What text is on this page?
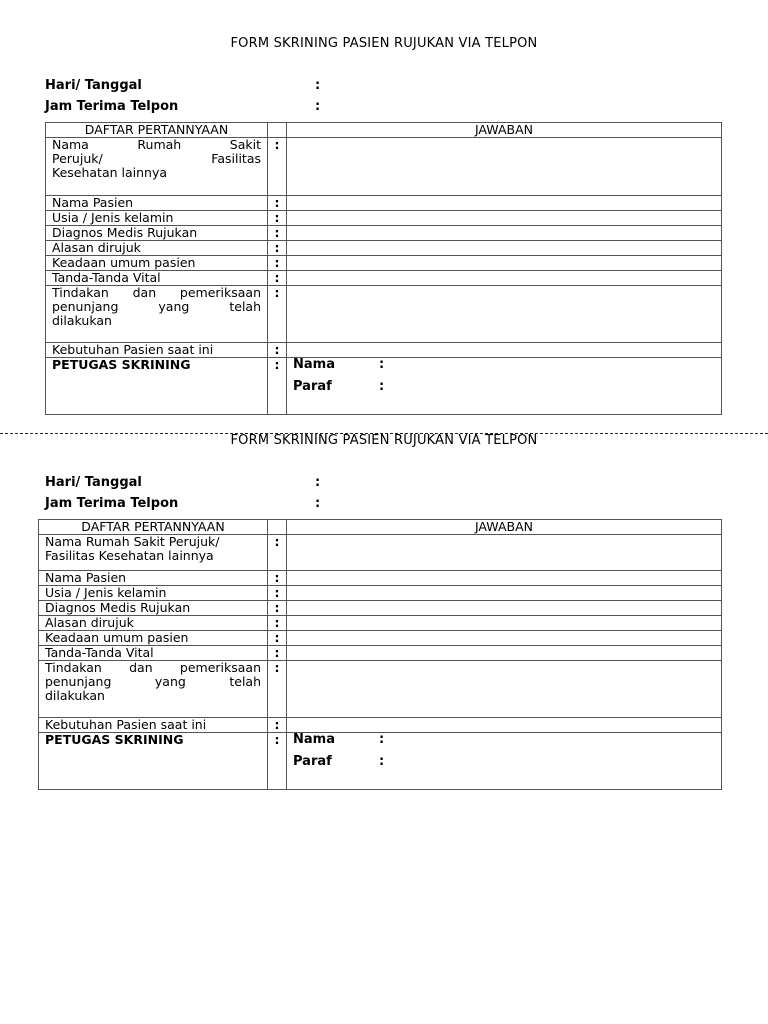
FORM SKRINING PASIEN RUJUKAN VIA TELPON
Hari/ Tanggal	:
Jam Terima Telpon	:
DAFTAR PERTANNYAAN		JAWABAN

Nama Rumah Sakit
Perujuk/ Fasilitas
Kesehatan lainnya	:	
Nama Pasien	:	
Usia / Jenis kelamin	:	
Diagnos Medis Rujukan	:	
Alasan dirujuk	:	
Keadaan umum pasien	:	
Tanda-Tanda Vital	:	

Tindakan dan pemeriksaan
penunjang yang telah
dilakukan	:	
Kebutuhan Pasien saat ini	:	
PETUGAS SKRINING	:	Nama :
Paraf :
FORM SKRINING PASIEN RUJUKAN VIA TELPON
Hari/ Tanggal	:
Jam Terima Telpon	:
DAFTAR PERTANNYAAN		JAWABAN

Nama Rumah Sakit Perujuk/
Fasilitas Kesehatan lainnya	:	
Nama Pasien	:	
Usia / Jenis kelamin	:	
Diagnos Medis Rujukan	:	
Alasan dirujuk	:	
Keadaan umum pasien	:	
Tanda-Tanda Vital	:	

Tindakan dan pemeriksaan
penunjang yang telah
dilakukan	:	
Kebutuhan Pasien saat ini	:	
PETUGAS SKRINING	:	Nama :
Paraf :
